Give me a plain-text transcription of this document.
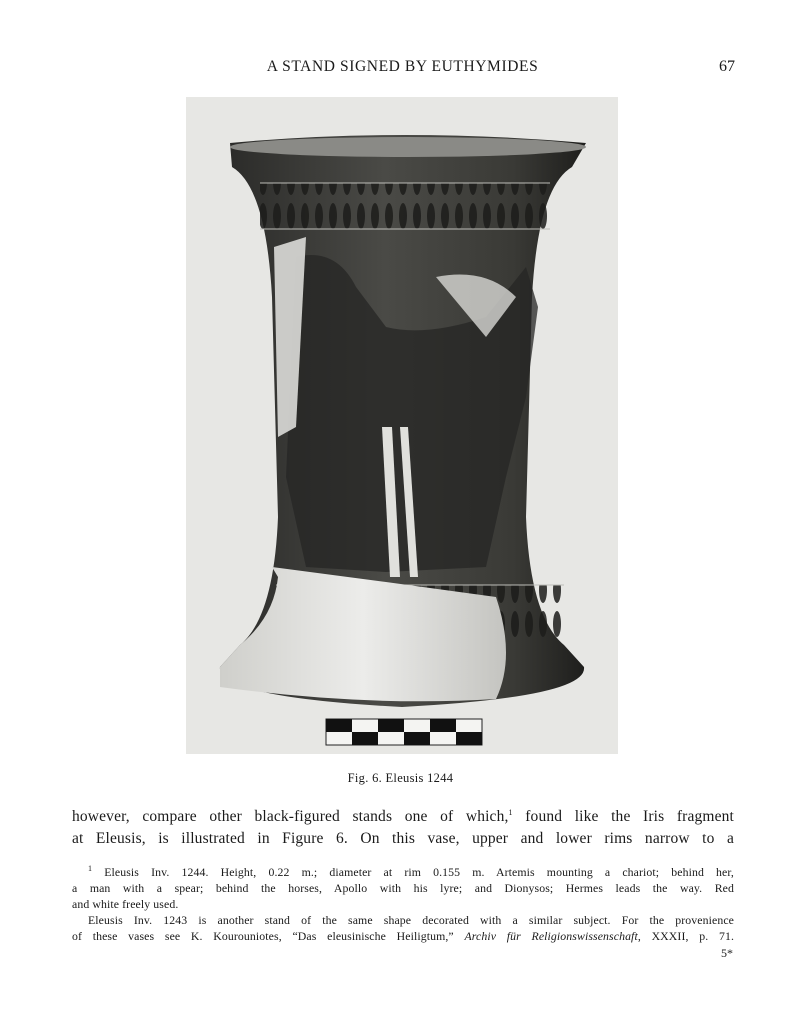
A STAND SIGNED BY EUTHYMIDES	67
Fig. 6. Eleusis 1244
however, compare other black-figured stands one of which,$^1$ found like the Iris fragment
at Eleusis, is illustrated in Figure 6. On this vase, upper and lower rims narrow to a
$^1$ Eleusis Inv. 1244. Height, 0.22 m.; diameter at rim 0.155 m. Artemis mounting a chariot; behind her,
a man with a spear; behind the horses, Apollo with his lyre; and Dionysos; Hermes leads the way. Red
and white freely used.
Eleusis Inv. 1243 is another stand of the same shape decorated with a similar subject. For the provenience
of these vases see K. Kourouniotes, “Das eleusinische Heiligtum,” Archiv für Religionswissenschaft, XXXII, p. 71.
5*
